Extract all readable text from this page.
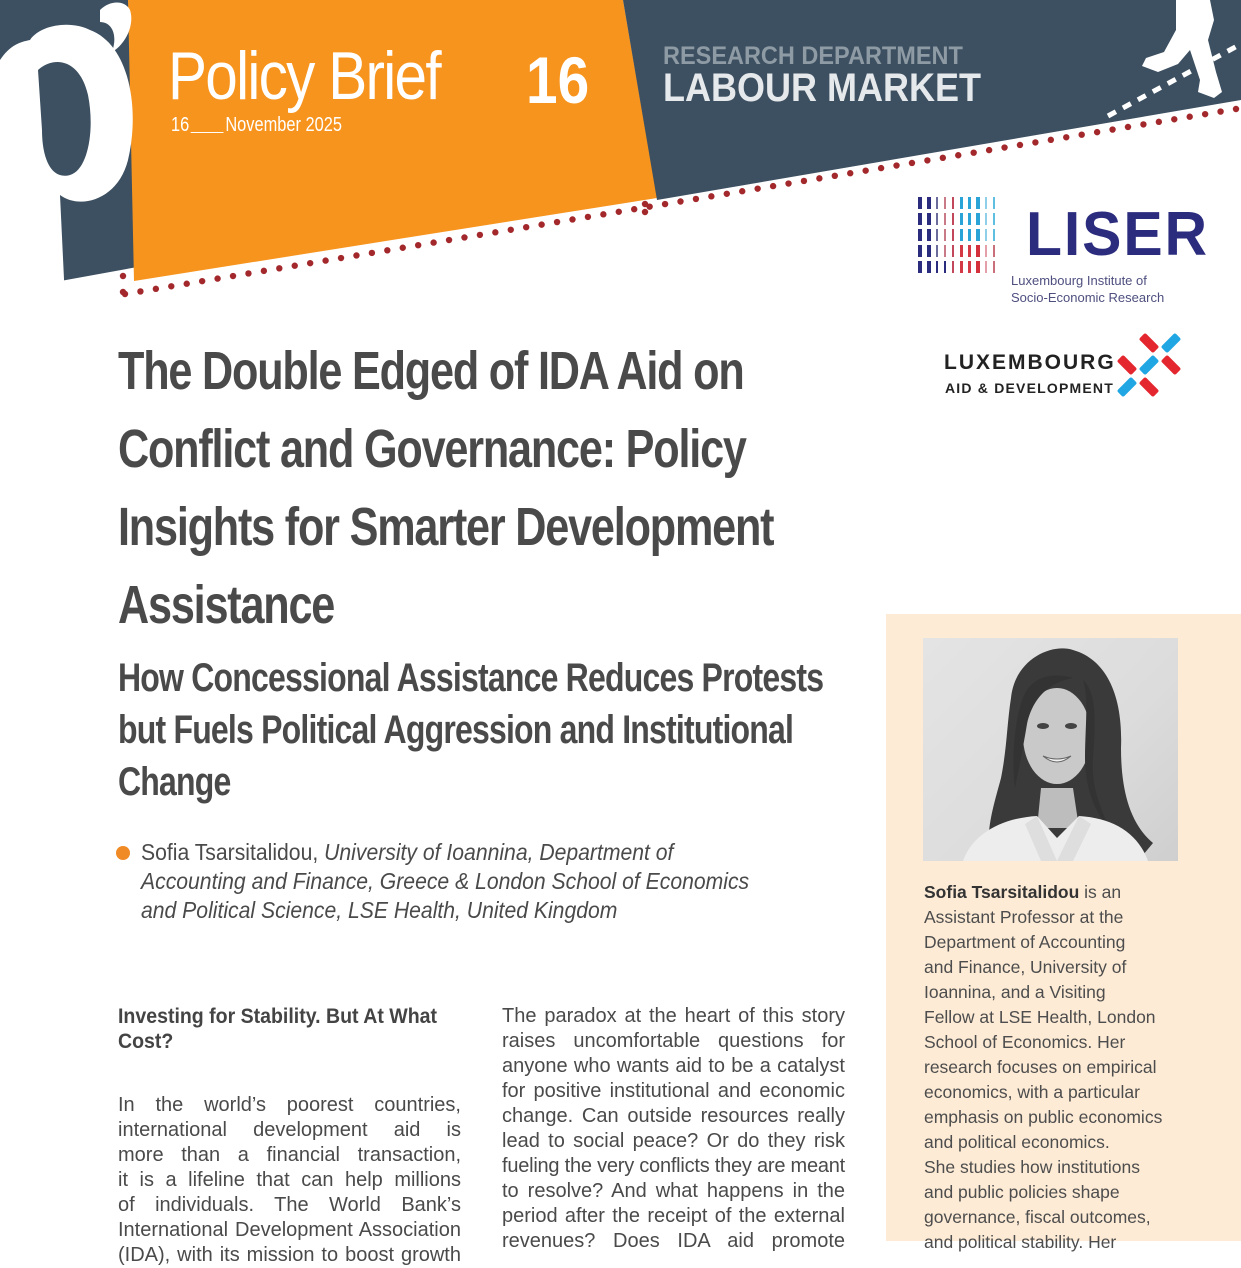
Policy Brief 16
16 November 2025
RESEARCH DEPARTMENT
LABOUR MARKET
LISER
Luxembourg Institute of
Socio-Economic Research
LUXEMBOURG
AID & DEVELOPMENT
The Double Edged of IDA Aid on
Conflict and Governance: Policy
Insights for Smarter Development
Assistance
How Concessional Assistance Reduces Protests
but Fuels Political Aggression and Institutional
Change
Sofia Tsarsitalidou, University of Ioannina, Department of
Accounting and Finance, Greece & London School of Economics
and Political Science, LSE Health, United Kingdom
Investing for Stability. But At What
Cost?
In the world’s poorest countries,
international development aid is
more than a financial transaction,
it is a lifeline that can help millions
of individuals. The World Bank’s
International Development Association
(IDA), with its mission to boost growth
The paradox at the heart of this story
raises uncomfortable questions for
anyone who wants aid to be a catalyst
for positive institutional and economic
change. Can outside resources really
lead to social peace? Or do they risk
fueling the very conflicts they are meant
to resolve? And what happens in the
period after the receipt of the external
revenues? Does IDA aid promote
Sofia Tsarsitalidou is an
Assistant Professor at the
Department of Accounting
and Finance, University of
Ioannina, and a Visiting
Fellow at LSE Health, London
School of Economics. Her
research focuses on empirical
economics, with a particular
emphasis on public economics
and political economics.
She studies how institutions
and public policies shape
governance, fiscal outcomes,
and political stability. Her
